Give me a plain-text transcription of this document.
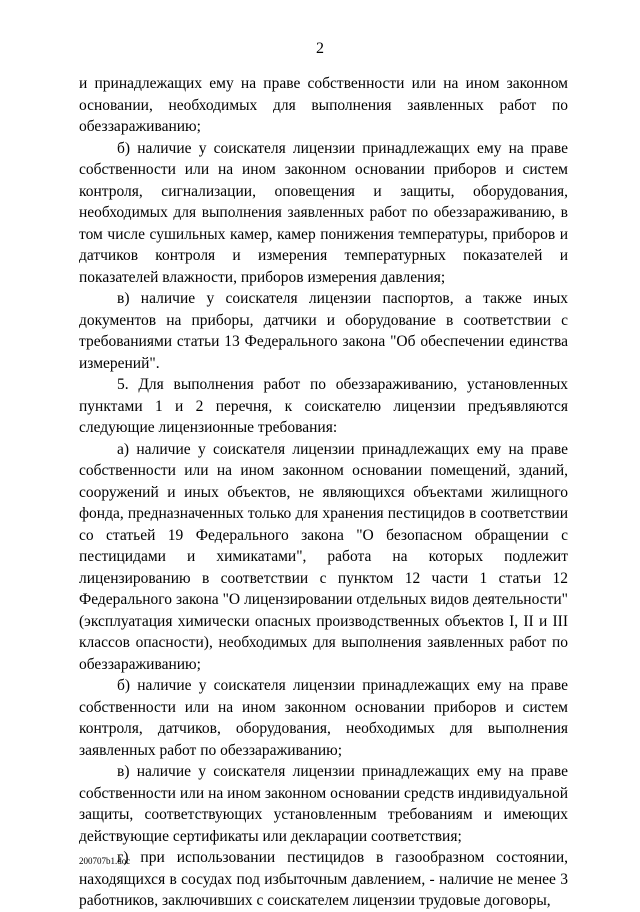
2

и принадлежащих ему на праве собственности или на ином законном основании, необходимых для выполнения заявленных работ по обеззараживанию;

б) наличие у соискателя лицензии принадлежащих ему на праве собственности или на ином законном основании приборов и систем контроля, сигнализации, оповещения и защиты, оборудования, необходимых для выполнения заявленных работ по обеззараживанию, в том числе сушильных камер, камер понижения температуры, приборов и датчиков контроля и измерения температурных показателей и показателей влажности, приборов измерения давления;

в) наличие у соискателя лицензии паспортов, а также иных документов на приборы, датчики и оборудование в соответствии с требованиями статьи 13 Федерального закона "Об обеспечении единства измерений".

5. Для выполнения работ по обеззараживанию, установленных пунктами 1 и 2 перечня, к соискателю лицензии предъявляются следующие лицензионные требования:

а) наличие у соискателя лицензии принадлежащих ему на праве собственности или на ином законном основании помещений, зданий, сооружений и иных объектов, не являющихся объектами жилищного фонда, предназначенных только для хранения пестицидов в соответствии со статьей 19 Федерального закона "О безопасном обращении с пестицидами и химикатами", работа на которых подлежит лицензированию в соответствии с пунктом 12 части 1 статьи 12 Федерального закона "О лицензировании отдельных видов деятельности" (эксплуатация химически опасных производственных объектов I, II и III классов опасности), необходимых для выполнения заявленных работ по обеззараживанию;

б) наличие у соискателя лицензии принадлежащих ему на праве собственности или на ином законном основании приборов и систем контроля, датчиков, оборудования, необходимых для выполнения заявленных работ по обеззараживанию;

в) наличие у соискателя лицензии принадлежащих ему на праве собственности или на ином законном основании средств индивидуальной защиты, соответствующих установленным требованиям и имеющих действующие сертификаты или декларации соответствия;

г) при использовании пестицидов в газообразном состоянии, находящихся в сосудах под избыточным давлением, - наличие не менее 3 работников, заключивших с соискателем лицензии трудовые договоры,

200707b1.doc
